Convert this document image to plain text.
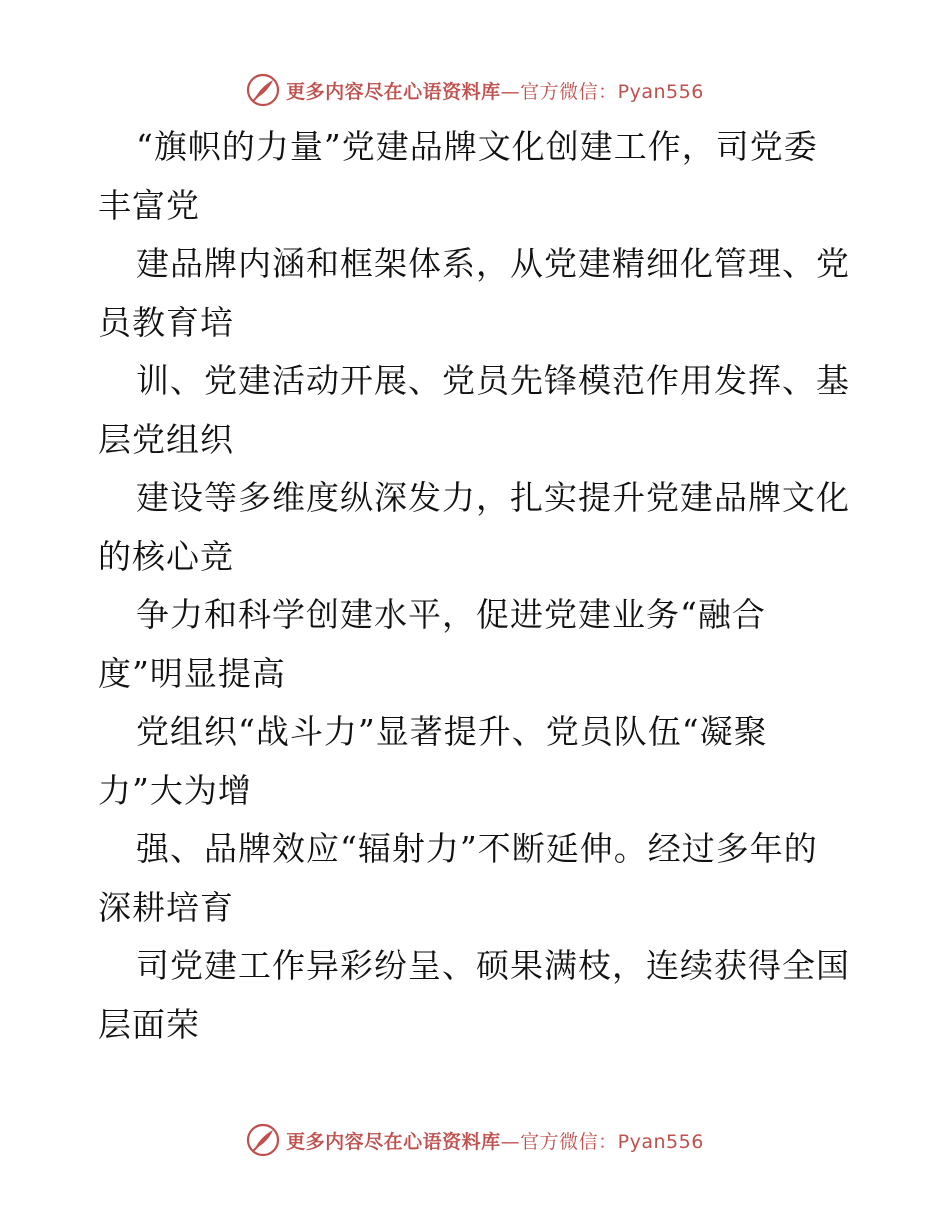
更多内容尽在心语资料库—官方微信：Pyan556
“旗帜的力量”党建品牌文化创建工作，司党委
丰富党
建品牌内涵和框架体系，从党建精细化管理、党
员教育培
训、党建活动开展、党员先锋模范作用发挥、基
层党组织
建设等多维度纵深发力，扎实提升党建品牌文化
的核心竞
争力和科学创建水平，促进党建业务“融合
度”明显提高
党组织“战斗力”显著提升、党员队伍“凝聚
力”大为增
强、品牌效应“辐射力”不断延伸。经过多年的
深耕培育
司党建工作异彩纷呈、硕果满枝，连续获得全国
层面荣
更多内容尽在心语资料库—官方微信：Pyan556
